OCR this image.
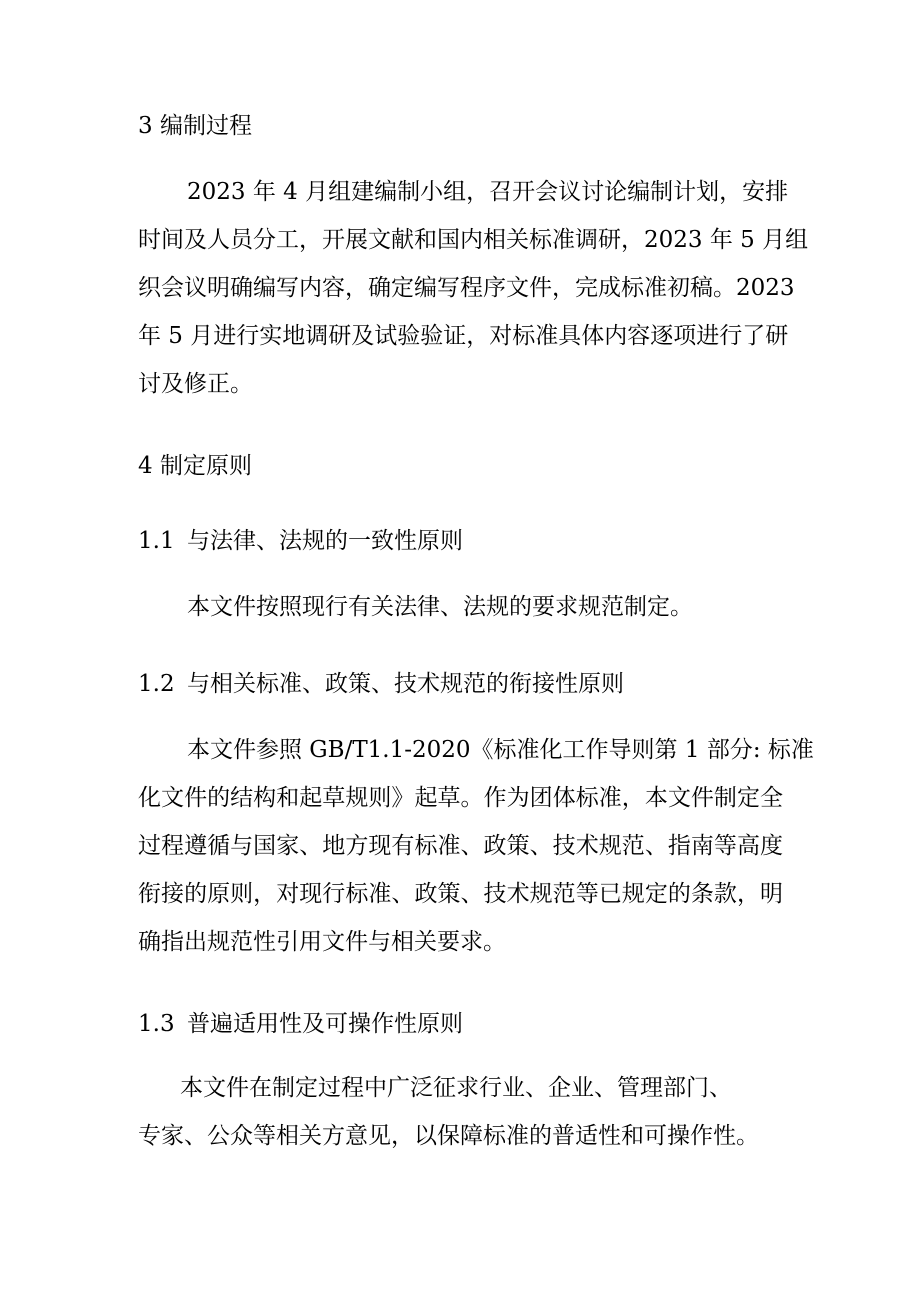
3 编制过程
2023 年 4 月组建编制小组，召开会议讨论编制计划，安排
时间及人员分工，开展文献和国内相关标准调研，2023 年 5 月组
织会议明确编写内容，确定编写程序文件，完成标准初稿。2023
年 5 月进行实地调研及试验验证，对标准具体内容逐项进行了研
讨及修正。
4 制定原则
1.1 与法律、法规的一致性原则
本文件按照现行有关法律、法规的要求规范制定。
1.2 与相关标准、政策、技术规范的衔接性原则
本文件参照 GB/T1.1-2020《标准化工作导则第 1 部分: 标准
化文件的结构和起草规则》起草。作为团体标准，本文件制定全
过程遵循与国家、地方现有标准、政策、技术规范、指南等高度
衔接的原则，对现行标准、政策、技术规范等已规定的条款，明
确指出规范性引用文件与相关要求。
1.3 普遍适用性及可操作性原则
本文件在制定过程中广泛征求行业、企业、管理部门、
专家、公众等相关方意见，以保障标准的普适性和可操作性。
